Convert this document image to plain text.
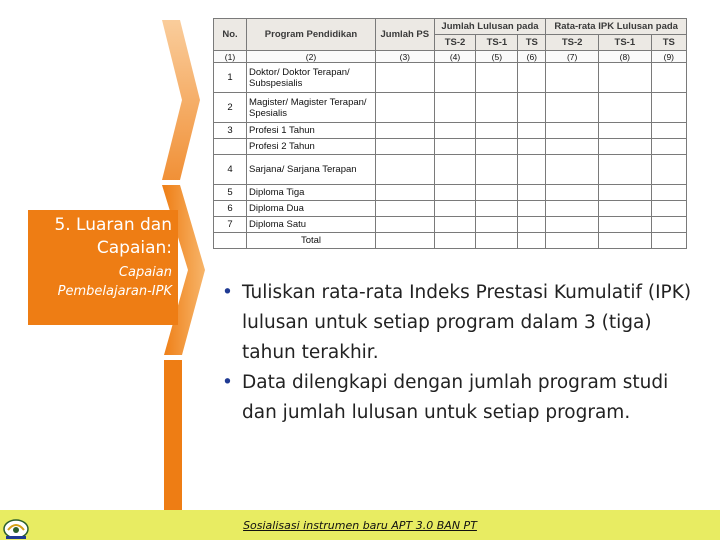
5. Luaran dan Capaian:
Capaian Pembelajaran-IPK
No.	Program Pendidikan	Jumlah PS	Jumlah Lulusan pada			Rata-rata IPK Lulusan pada		
			TS-2	TS-1	TS	TS-2	TS-1	TS
(1)	(2)	(3)	(4)	(5)	(6)	(7)	(8)	(9)
1	Doktor/ Doktor Terapan/ Subspesialis							
2	Magister/ Magister Terapan/ Spesialis							
3	Profesi 1 Tahun							
	Profesi 2 Tahun							
4	Sarjana/ Sarjana Terapan							
5	Diploma Tiga							
6	Diploma Dua							
7	Diploma Satu							
	Total							
• Tuliskan rata-rata Indeks Prestasi Kumulatif (IPK) lulusan untuk setiap program dalam 3 (tiga) tahun terakhir.
• Data dilengkapi dengan jumlah program studi dan jumlah lulusan untuk setiap program.
Sosialisasi instrumen baru APT 3.0 BAN PT
